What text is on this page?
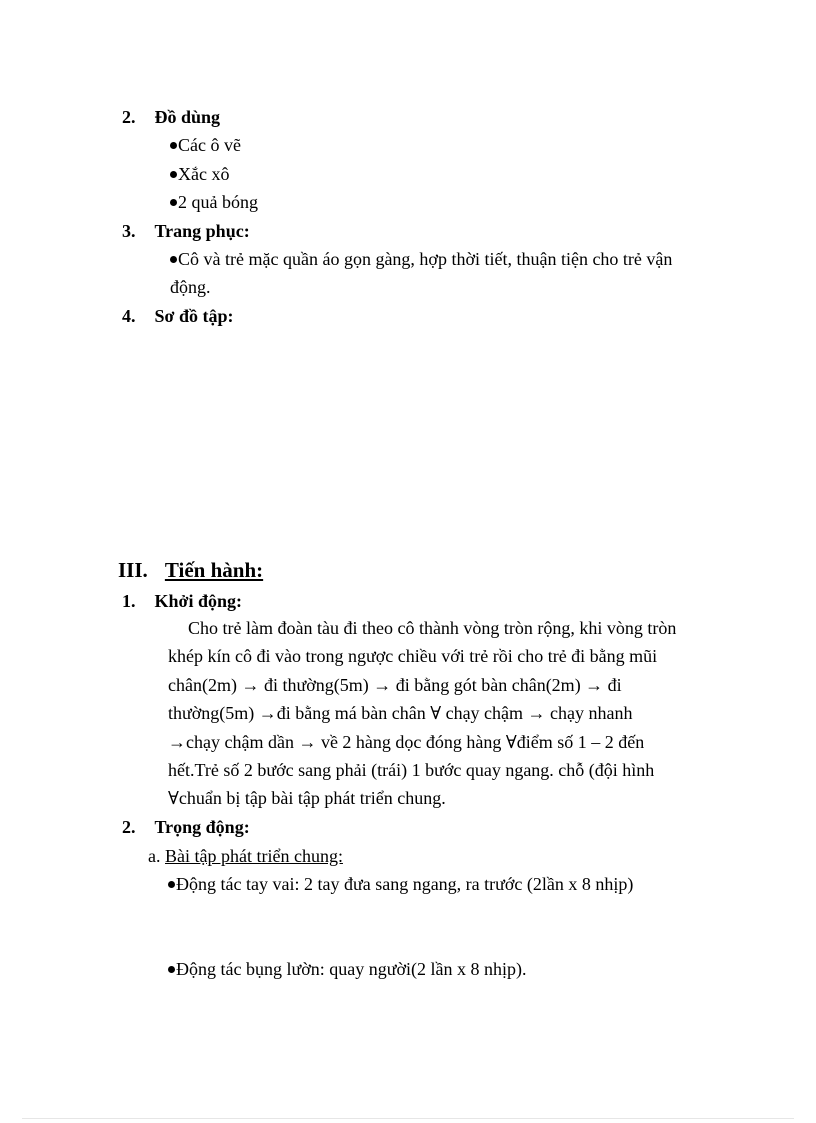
2. Đồ dùng
Các ô vẽ
Xắc xô
2 quả bóng
3. Trang phục:
Cô và trẻ mặc quần áo gọn gàng, hợp thời tiết, thuận tiện cho trẻ vận
động.
4. Sơ đồ tập:
III. Tiến hành:
1. Khởi động:
Cho trẻ làm đoàn tàu đi theo cô thành vòng tròn rộng, khi vòng tròn
khép kín cô đi vào trong ngược chiều với trẻ rồi cho trẻ đi bằng mũi
chân(2m) → đi thường(5m) → đi bằng gót bàn chân(2m) → đi
thường(5m) →đi bằng má bàn chân ∀ chạy chậm → chạy nhanh
→chạy chậm dần → về 2 hàng dọc đóng hàng ∀điểm số 1 – 2 đến
hết.Trẻ số 2 bước sang phải (trái) 1 bước quay ngang. chỗ (đội hình
∀chuẩn bị tập bài tập phát triển chung.
2. Trọng động:
a. Bài tập phát triển chung:
Động tác tay vai: 2 tay đưa sang ngang, ra trước (2lần x 8 nhịp)
Động tác bụng lườn: quay người(2 lần x 8 nhịp).
